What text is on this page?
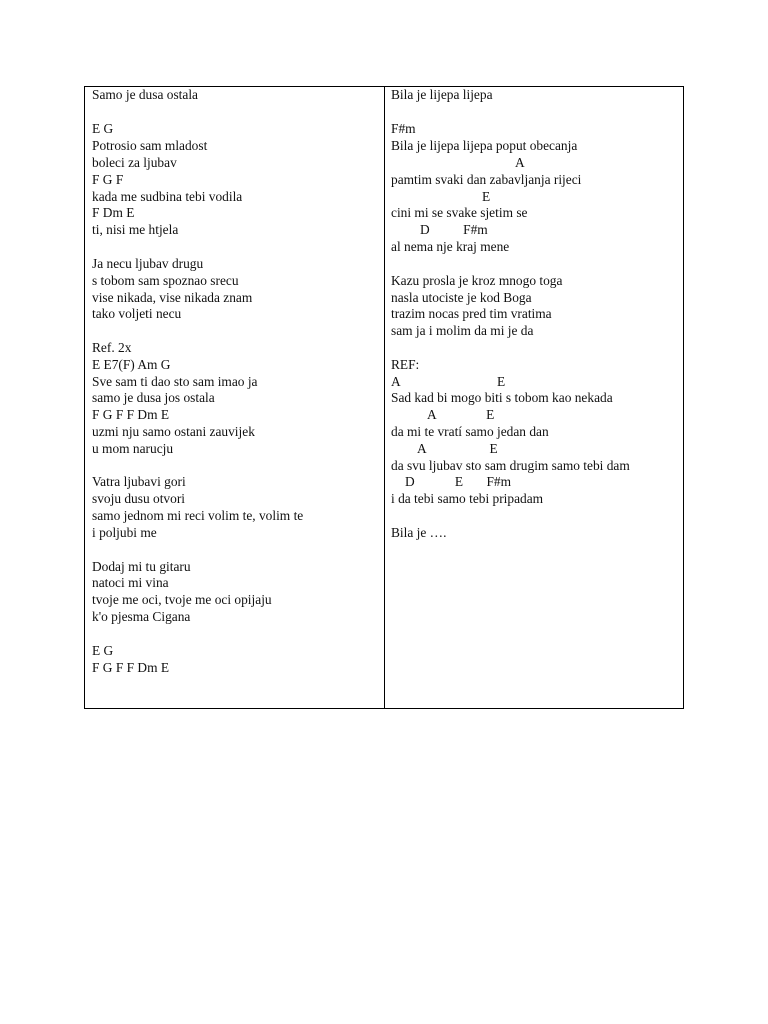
Samo je dusa ostala
E G
Potrosio sam mladost
boleci za ljubav
F G F
kada me sudbina tebi vodila
F Dm E
ti, nisi me htjela
Ja necu ljubav drugu
s tobom sam spoznao srecu
vise nikada, vise nikada znam
tako voljeti necu
Ref. 2x
E E7(F) Am G
Sve sam ti dao sto sam imao ja
samo je dusa jos ostala
F G F F Dm E
uzmi nju samo ostani zauvijek
u mom narucju
Vatra ljubavi gori
svoju dusu otvori
samo jednom mi reci volim te, volim te
i poljubi me
Dodaj mi tu gitaru
natoci mi vina
tvoje me oci, tvoje me oci opijaju
k'o pjesma Cigana
E G
F G F F Dm E
Bila je lijepa lijepa
F#m
Bila je lijepa lijepa poput obecanja
A
pamtim svaki dan zabavljanja rijeci
E
cini mi se svake sjetim se
D          F#m
al nema nje kraj mene
Kazu prosla je kroz mnogo toga
nasla utociste je kod Boga
trazim nocas pred tim vratima
sam ja i molim da mi je da
REF:
A                             E
Sad kad bi mogo biti s tobom kao nekada
A               E
da mi te vratí samo jedan dan
A                   E
da svu ljubav sto sam drugim samo tebi dam
D            E       F#m
i da tebi samo tebi pripadam
Bila je ….
